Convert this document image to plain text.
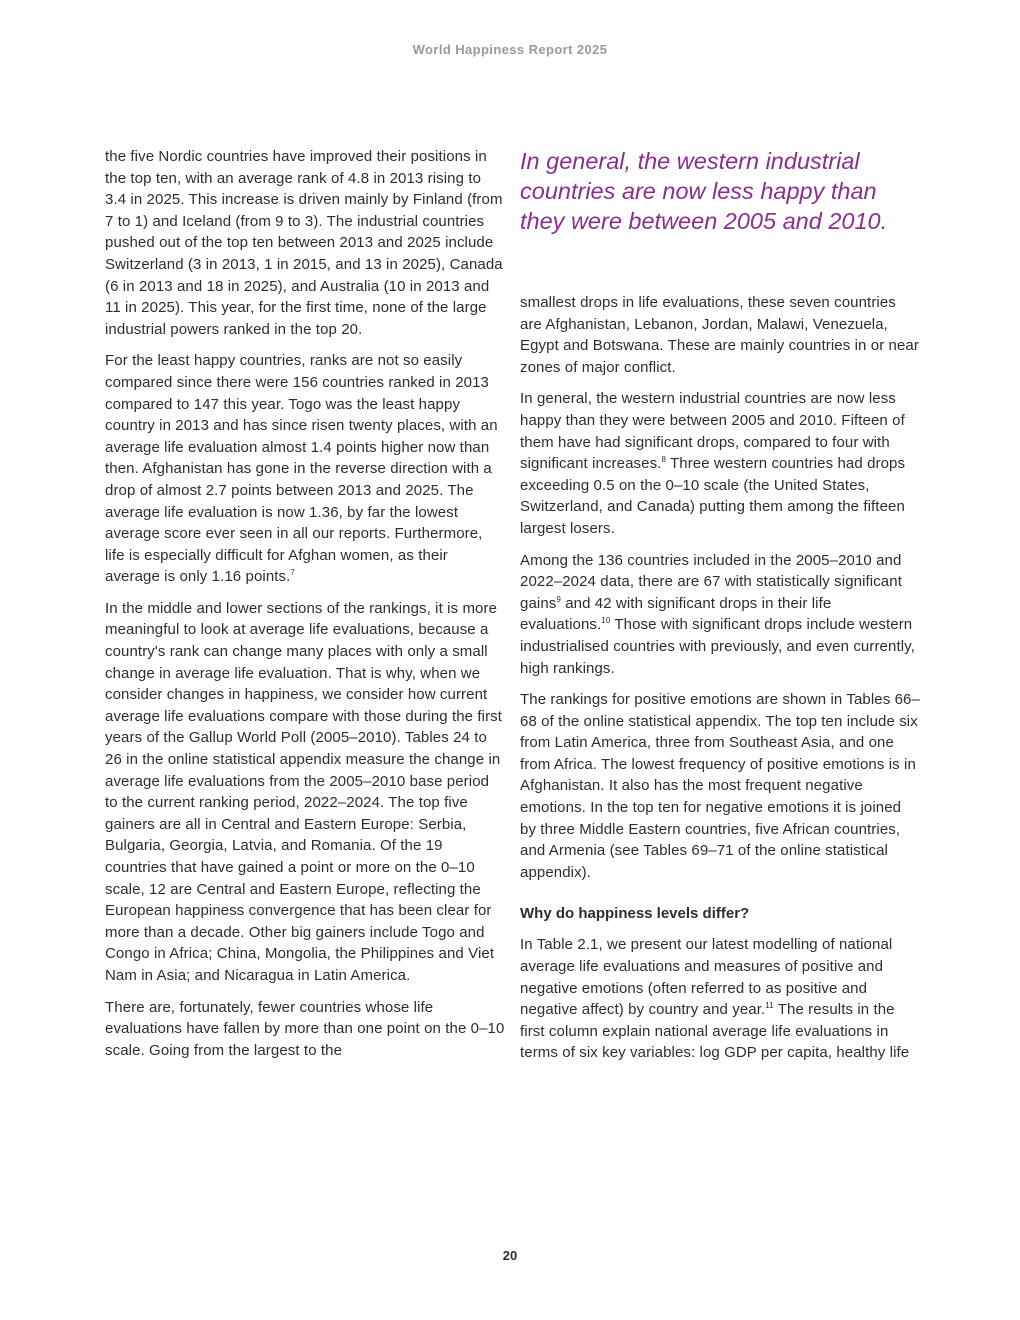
World Happiness Report 2025

the five Nordic countries have improved their positions in the top ten, with an average rank of 4.8 in 2013 rising to 3.4 in 2025. This increase is driven mainly by Finland (from 7 to 1) and Iceland (from 9 to 3). The industrial countries pushed out of the top ten between 2013 and 2025 include Switzerland (3 in 2013, 1 in 2015, and 13 in 2025), Canada (6 in 2013 and 18 in 2025), and Australia (10 in 2013 and 11 in 2025). This year, for the first time, none of the large industrial powers ranked in the top 20.

For the least happy countries, ranks are not so easily compared since there were 156 countries ranked in 2013 compared to 147 this year. Togo was the least happy country in 2013 and has since risen twenty places, with an average life evaluation almost 1.4 points higher now than then. Afghanistan has gone in the reverse direction with a drop of almost 2.7 points between 2013 and 2025. The average life evaluation is now 1.36, by far the lowest average score ever seen in all our reports. Furthermore, life is especially difficult for Afghan women, as their average is only 1.16 points.$^7$

In the middle and lower sections of the rankings, it is more meaningful to look at average life evaluations, because a country's rank can change many places with only a small change in average life evaluation. That is why, when we consider changes in happiness, we consider how current average life evaluations compare with those during the first years of the Gallup World Poll (2005–2010). Tables 24 to 26 in the online statistical appendix measure the change in average life evaluations from the 2005–2010 base period to the current ranking period, 2022–2024. The top five gainers are all in Central and Eastern Europe: Serbia, Bulgaria, Georgia, Latvia, and Romania. Of the 19 countries that have gained a point or more on the 0–10 scale, 12 are Central and Eastern Europe, reflecting the European happiness convergence that has been clear for more than a decade. Other big gainers include Togo and Congo in Africa; China, Mongolia, the Philippines and Viet Nam in Asia; and Nicaragua in Latin America.

There are, fortunately, fewer countries whose life evaluations have fallen by more than one point on the 0–10 scale. Going from the largest to the

In general, the western industrial countries are now less happy than they were between 2005 and 2010.

smallest drops in life evaluations, these seven countries are Afghanistan, Lebanon, Jordan, Malawi, Venezuela, Egypt and Botswana. These are mainly countries in or near zones of major conflict.

In general, the western industrial countries are now less happy than they were between 2005 and 2010. Fifteen of them have had significant drops, compared to four with significant increases.$^8$ Three western countries had drops exceeding 0.5 on the 0–10 scale (the United States, Switzerland, and Canada) putting them among the fifteen largest losers.

Among the 136 countries included in the 2005–2010 and 2022–2024 data, there are 67 with statistically significant gains$^9$ and 42 with significant drops in their life evaluations.$^{10}$ Those with significant drops include western industrialised countries with previously, and even currently, high rankings.

The rankings for positive emotions are shown in Tables 66–68 of the online statistical appendix. The top ten include six from Latin America, three from Southeast Asia, and one from Africa. The lowest frequency of positive emotions is in Afghanistan. It also has the most frequent negative emotions. In the top ten for negative emotions it is joined by three Middle Eastern countries, five African countries, and Armenia (see Tables 69–71 of the online statistical appendix).

Why do happiness levels differ?

In Table 2.1, we present our latest modelling of national average life evaluations and measures of positive and negative emotions (often referred to as positive and negative affect) by country and year.$^{11}$ The results in the first column explain national average life evaluations in terms of six key variables: log GDP per capita, healthy life

20
